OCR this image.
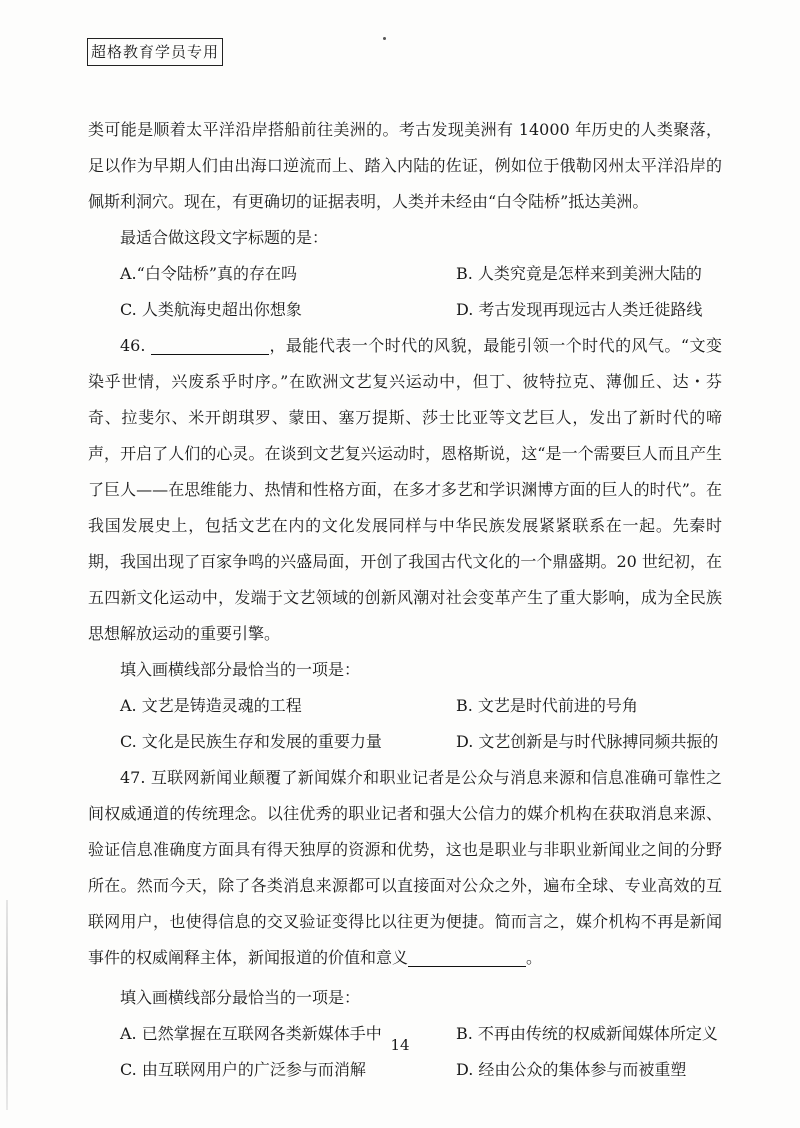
超格教育学员专用

类可能是顺着太平洋沿岸搭船前往美洲的。考古发现美洲有 14000 年历史的人类聚落，足以作为早期人们由出海口逆流而上、踏入内陆的佐证，例如位于俄勒冈州太平洋沿岸的佩斯利洞穴。现在，有更确切的证据表明，人类并未经由“白令陆桥”抵达美洲。

最适合做这段文字标题的是：

A.“白令陆桥”真的存在吗	B. 人类究竟是怎样来到美洲大陆的
C. 人类航海史超出你想象	D. 考古发现再现远古人类迁徙路线

46.	，最能代表一个时代的风貌，最能引领一个时代的风气。“文变染乎世情，兴废系乎时序。”在欧洲文艺复兴运动中，但丁、彼特拉克、薄伽丘、达・芬奇、拉斐尔、米开朗琪罗、蒙田、塞万提斯、莎士比亚等文艺巨人，发出了新时代的啼声，开启了人们的心灵。在谈到文艺复兴运动时，恩格斯说，这“是一个需要巨人而且产生了巨人——在思维能力、热情和性格方面，在多才多艺和学识渊博方面的巨人的时代”。在我国发展史上，包括文艺在内的文化发展同样与中华民族发展紧紧联系在一起。先秦时期，我国出现了百家争鸣的兴盛局面，开创了我国古代文化的一个鼎盛期。20 世纪初，在五四新文化运动中，发端于文艺领域的创新风潮对社会变革产生了重大影响，成为全民族思想解放运动的重要引擎。

填入画横线部分最恰当的一项是：

A. 文艺是铸造灵魂的工程	B. 文艺是时代前进的号角
C. 文化是民族生存和发展的重要力量	D. 文艺创新是与时代脉搏同频共振的

47. 互联网新闻业颠覆了新闻媒介和职业记者是公众与消息来源和信息准确可靠性之间权威通道的传统理念。以往优秀的职业记者和强大公信力的媒介机构在获取消息来源、验证信息准确度方面具有得天独厚的资源和优势，这也是职业与非职业新闻业之间的分野所在。然而今天，除了各类消息来源都可以直接面对公众之外，遍布全球、专业高效的互联网用户，也使得信息的交叉验证变得比以往更为便捷。简而言之，媒介机构不再是新闻事件的权威阐释主体，新闻报道的价值和意义	。

填入画横线部分最恰当的一项是：

A. 已然掌握在互联网各类新媒体手中	B. 不再由传统的权威新闻媒体所定义
C. 由互联网用户的广泛参与而消解	D. 经由公众的集体参与而被重塑
14
